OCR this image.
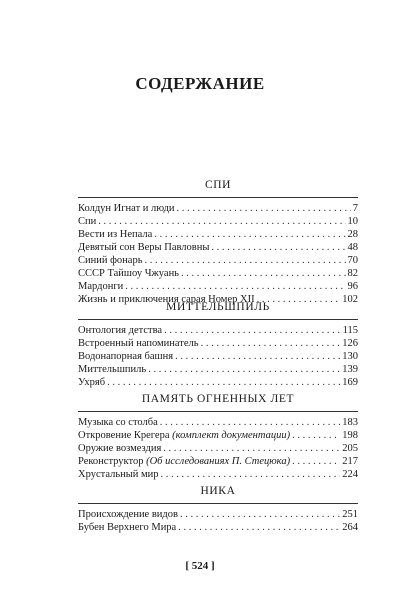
СОДЕРЖАНИЕ
СПИ
Колдун Игнат и люди . . .	7
Спи . . .	10
Вести из Непала . . .	28
Девятый сон Веры Павловны . . .	48
Синий фонарь . . .	70
СССР Тайшоу Чжуань . . .	82
Мардонги . . .	96
Жизнь и приключения сарая Номер XII . . .	102
МИТТЕЛЬШПИЛЬ
Онтология детства . . .	115
Встроенный напоминатель . . .	126
Водонапорная башня . . .	130
Миттельшпиль . . .	139
Ухряб . . .	169
ПАМЯТЬ ОГНЕННЫХ ЛЕТ
Музыка со столба . . .	183
Откровение Крегера (комплект документации) . . .	198
Оружие возмездия . . .	205
Реконструктор (Об исследованиях П. Стецюка) . . .	217
Хрустальный мир . . .	224
НИКА
Происхождение видов . . .	251
Бубен Верхнего Мира . . .	264
[ 524 ]
